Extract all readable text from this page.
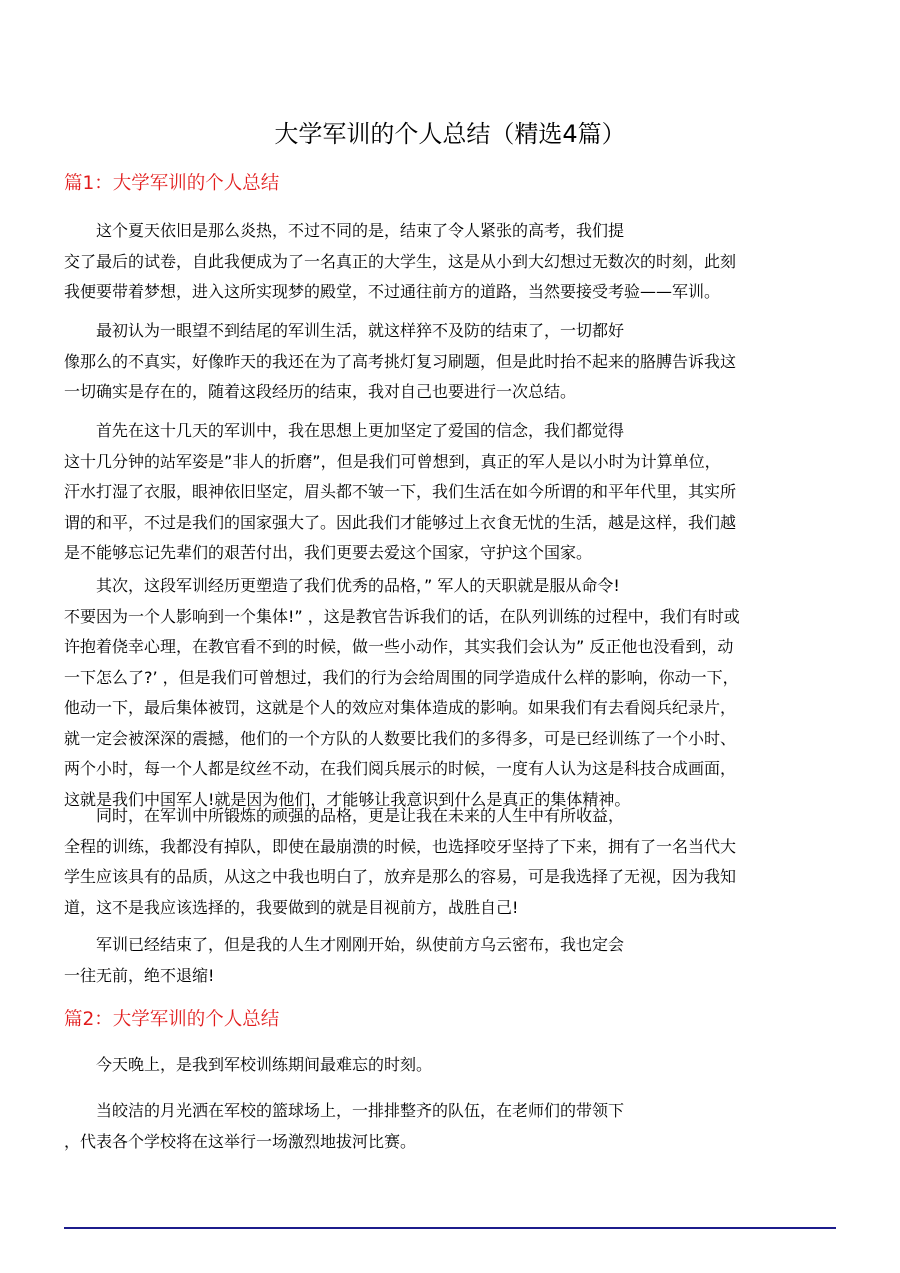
大学军训的个人总结（精选4篇）
篇1：大学军训的个人总结
这个夏天依旧是那么炎热，不过不同的是，结束了令人紧张的高考，我们提
交了最后的试卷，自此我便成为了一名真正的大学生，这是从小到大幻想过无数次的时刻，此刻
我便要带着梦想，进入这所实现梦的殿堂，不过通往前方的道路，当然要接受考验——军训。
最初认为一眼望不到结尾的军训生活，就这样猝不及防的结束了，一切都好
像那么的不真实，好像昨天的我还在为了高考挑灯复习刷题，但是此时抬不起来的胳膊告诉我这
一切确实是存在的，随着这段经历的结束，我对自己也要进行一次总结。
首先在这十几天的军训中，我在思想上更加坚定了爱国的信念，我们都觉得
这十几分钟的站军姿是”非人的折磨”，但是我们可曾想到，真正的军人是以小时为计算单位，
汗水打湿了衣服，眼神依旧坚定，眉头都不皱一下，我们生活在如今所谓的和平年代里，其实所
谓的和平，不过是我们的国家强大了。因此我们才能够过上衣食无忧的生活，越是这样，我们越
是不能够忘记先辈们的艰苦付出，我们更要去爱这个国家，守护这个国家。
其次，这段军训经历更塑造了我们优秀的品格，” 军人的天职就是服从命令!
不要因为一个人影响到一个集体!” ，这是教官告诉我们的话，在队列训练的过程中，我们有时或
许抱着侥幸心理，在教官看不到的时候，做一些小动作，其实我们会认为” 反正他也没看到，动
一下怎么了?’ ，但是我们可曾想过，我们的行为会给周围的同学造成什么样的影响，你动一下，
他动一下，最后集体被罚，这就是个人的效应对集体造成的影响。如果我们有去看阅兵纪录片，
就一定会被深深的震撼，他们的一个方队的人数要比我们的多得多，可是已经训练了一个小时、
两个小时，每一个人都是纹丝不动，在我们阅兵展示的时候，一度有人认为这是科技合成画面，
这就是我们中国军人!就是因为他们，才能够让我意识到什么是真正的集体精神。
同时，在军训中所锻炼的顽强的品格，更是让我在未来的人生中有所收益，
全程的训练，我都没有掉队，即使在最崩溃的时候，也选择咬牙坚持了下来，拥有了一名当代大
学生应该具有的品质，从这之中我也明白了，放弃是那么的容易，可是我选择了无视，因为我知
道，这不是我应该选择的，我要做到的就是目视前方，战胜自己!
军训已经结束了，但是我的人生才刚刚开始，纵使前方乌云密布，我也定会
一往无前，绝不退缩!
篇2：大学军训的个人总结
今天晚上，是我到军校训练期间最难忘的时刻。
当皎洁的月光洒在军校的篮球场上，一排排整齐的队伍，在老师们的带领下
，代表各个学校将在这举行一场激烈地拔河比赛。
